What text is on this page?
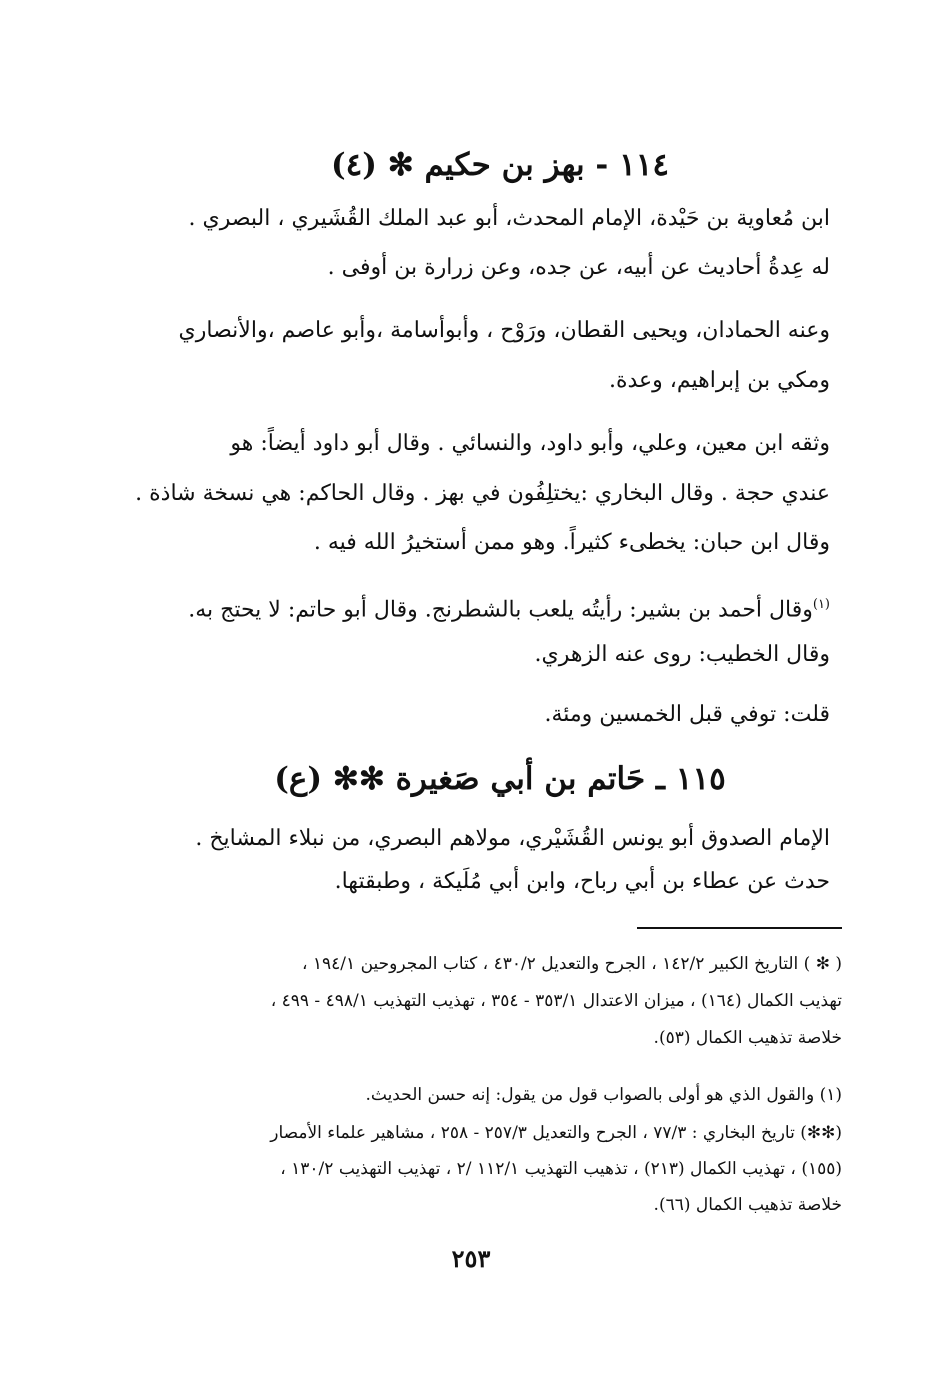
١١٤ - بهز بن حكيم ✻ (٤)
ابن مُعاوية بن حَيْدة، الإمام المحدث، أبو عبد الملك القُشَيري ، البصري .
له عِدةُ أحاديث عن أبيه، عن جده، وعن زرارة بن أوفى .
وعنه الحمادان، ويحيى القطان، ورَوْح ، وأبوأسامة ،وأبو عاصم ،والأنصاري
ومكي بن إبراهيم، وعدة.
وثقه ابن معين، وعلي، وأبو داود، والنسائي . وقال أبو داود أيضاً: هو
عندي حجة . وقال البخاري :يختلِفُون في بهز . وقال الحاكم: هي نسخة شاذة .
وقال ابن حبان: يخطىء كثيراً. وهو ممن أستخيرُ الله فيه .
$^{(١)}$وقال أحمد بن بشير: رأيتُه يلعب بالشطرنج. وقال أبو حاتم: لا يحتج به.
وقال الخطيب: روى عنه الزهري.
قلت: توفي قبل الخمسين ومئة.
١١٥ ـ حَاتم بن أبي صَغيرة ✻✻ (ع)
الإمام الصدوق أبو يونس القُشَيْري، مولاهم البصري، من نبلاء المشايخ .
حدث عن عطاء بن أبي رباح، وابن أبي مُلَيكة ، وطبقتها.
( ✻ ) التاريخ الكبير ١٤٢/٢ ، الجرح والتعديل ٤٣٠/٢ ، كتاب المجروحين ١٩٤/١ ،
تهذيب الكمال (١٦٤) ، ميزان الاعتدال ٣٥٣/١ - ٣٥٤ ، تهذيب التهذيب ٤٩٨/١ - ٤٩٩ ،
خلاصة تذهيب الكمال (٥٣).
(١) والقول الذي هو أولى بالصواب قول من يقول: إنه حسن الحديث.
(✻✻) تاريخ البخاري : ٧٧/٣ ، الجرح والتعديل ٢٥٧/٣ - ٢٥٨ ، مشاهير علماء الأمصار
(١٥٥) ، تهذيب الكمال (٢١٣) ، تذهيب التهذيب ١١٢/١ /٢ ، تهذيب التهذيب ١٣٠/٢ ،
خلاصة تذهيب الكمال (٦٦).
٢٥٣
